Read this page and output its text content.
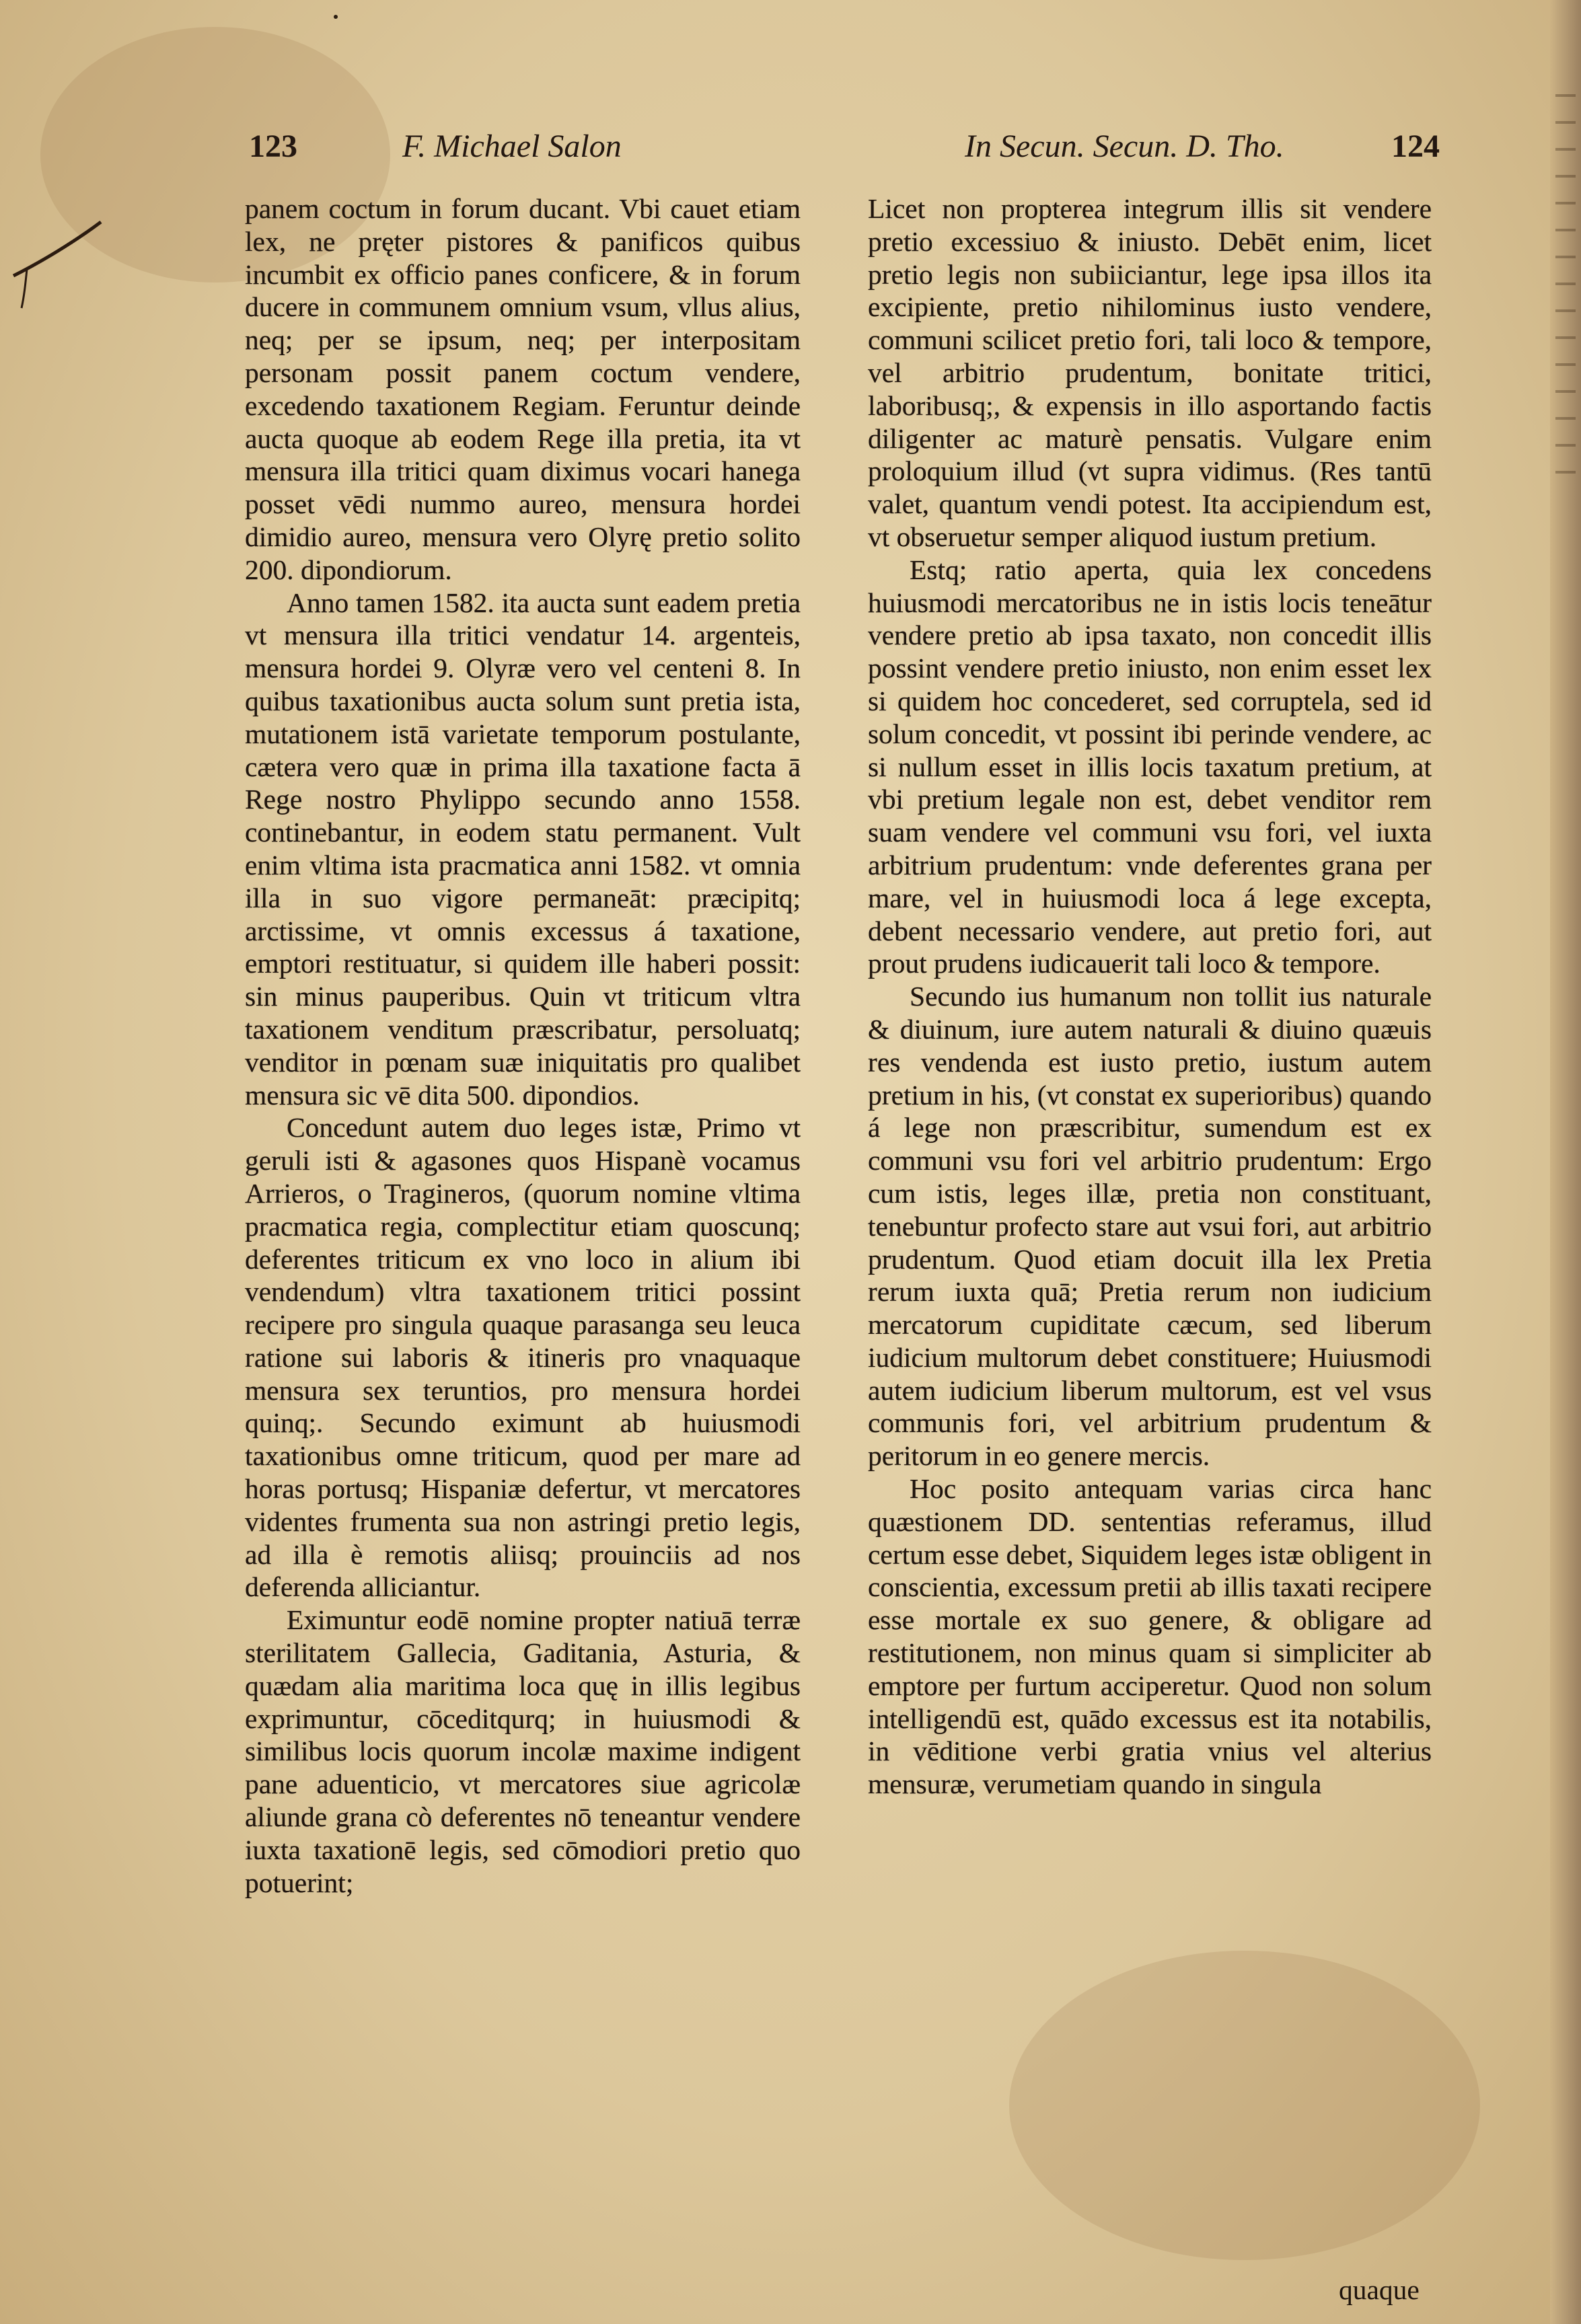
123	F. Michael Salon	In Secun. Secun. D. Tho.	124

panem coctum in forum ducant. Vbi cauet etiam lex, ne pręter pistores & panificos quibus incumbit ex officio panes conficere, & in forum ducere in communem omnium vsum, vllus alius, neq; per se ipsum, neq; per interpositam personam possit panem coctum vendere, excedendo taxationem Regiam. Feruntur deinde aucta quoque ab eodem Rege illa pretia, ita vt mensura illa tritici quam diximus vocari hanega posset vēdi nummo aureo, mensura hordei dimidio aureo, mensura vero Olyrę pretio solito 200. dipondiorum.

Anno tamen 1582. ita aucta sunt eadem pretia vt mensura illa tritici vendatur 14. argenteis, mensura hordei 9. Olyræ vero vel centeni 8. In quibus taxationibus aucta solum sunt pretia ista, mutationem istā varietate temporum postulante, cætera vero quæ in prima illa taxatione facta ā Rege nostro Phylippo secundo anno 1558. continebantur, in eodem statu permanent. Vult enim vltima ista pracmatica anni 1582. vt omnia illa in suo vigore permaneāt: præcipitq; arctissime, vt omnis excessus á taxatione, emptori restituatur, si quidem ille haberi possit: sin minus pauperibus. Quin vt triticum vltra taxationem venditum præscribatur, persoluatq; venditor in pœnam suæ iniquitatis pro qualibet mensura sic vē dita 500. dipondios.

Concedunt autem duo leges istæ, Primo vt geruli isti & agasones quos Hispanè vocamus Arrieros, o Tragineros, (quorum nomine vltima pracmatica regia, complectitur etiam quoscunq; deferentes triticum ex vno loco in alium ibi vendendum) vltra taxationem tritici possint recipere pro singula quaque parasanga seu leuca ratione sui laboris & itineris pro vnaquaque mensura sex teruntios, pro mensura hordei quinq;. Secundo eximunt ab huiusmodi taxationibus omne triticum, quod per mare ad horas portusq; Hispaniæ defertur, vt mercatores videntes frumenta sua non astringi pretio legis, ad illa è remotis aliisq; prouinciis ad nos deferenda alliciantur.

Eximuntur eodē nomine propter natiuā terræ sterilitatem Gallecia, Gaditania, Asturia, & quædam alia maritima loca quę in illis legibus exprimuntur, cōceditqurq; in huiusmodi & similibus locis quorum incolæ maxime indigent pane aduenticio, vt mercatores siue agricolæ aliunde grana cò deferentes nō teneantur vendere iuxta taxationē legis, sed cōmodiori pretio quo potuerint;

Licet non propterea integrum illis sit vendere pretio excessiuo & iniusto. Debēt enim, licet pretio legis non subiiciantur, lege ipsa illos ita excipiente, pretio nihilominus iusto vendere, communi scilicet pretio fori, tali loco & tempore, vel arbitrio prudentum, bonitate tritici, laboribusq;, & expensis in illo asportando factis diligenter ac maturè pensatis. Vulgare enim proloquium illud (vt supra vidimus. (Res tantū valet, quantum vendi potest. Ita accipiendum est, vt obseruetur semper aliquod iustum pretium.

Estq; ratio aperta, quia lex concedens huiusmodi mercatoribus ne in istis locis teneātur vendere pretio ab ipsa taxato, non concedit illis possint vendere pretio iniusto, non enim esset lex si quidem hoc concederet, sed corruptela, sed id solum concedit, vt possint ibi perinde vendere, ac si nullum esset in illis locis taxatum pretium, at vbi pretium legale non est, debet venditor rem suam vendere vel communi vsu fori, vel iuxta arbitrium prudentum: vnde deferentes grana per mare, vel in huiusmodi loca á lege excepta, debent necessario vendere, aut pretio fori, aut prout prudens iudicauerit tali loco & tempore.

Secundo ius humanum non tollit ius naturale & diuinum, iure autem naturali & diuino quæuis res vendenda est iusto pretio, iustum autem pretium in his, (vt constat ex superioribus) quando á lege non præscribitur, sumendum est ex communi vsu fori vel arbitrio prudentum: Ergo cum istis, leges illæ, pretia non constituant, tenebuntur profecto stare aut vsui fori, aut arbitrio prudentum. Quod etiam docuit illa lex Pretia rerum iuxta quā; Pretia rerum non iudicium mercatorum cupiditate cæcum, sed liberum iudicium multorum debet constituere; Huiusmodi autem iudicium liberum multorum, est vel vsus communis fori, vel arbitrium prudentum & peritorum in eo genere mercis.

Hoc posito antequam varias circa hanc quæstionem DD. sententias referamus, illud certum esse debet, Siquidem leges istæ obligent in conscientia, excessum pretii ab illis taxati recipere esse mortale ex suo genere, & obligare ad restitutionem, non minus quam si simpliciter ab emptore per furtum acciperetur. Quod non solum intelligendū est, quādo excessus est ita notabilis, in vēditione verbi gratia vnius vel alterius mensuræ, verumetiam quando in singula

quaque
